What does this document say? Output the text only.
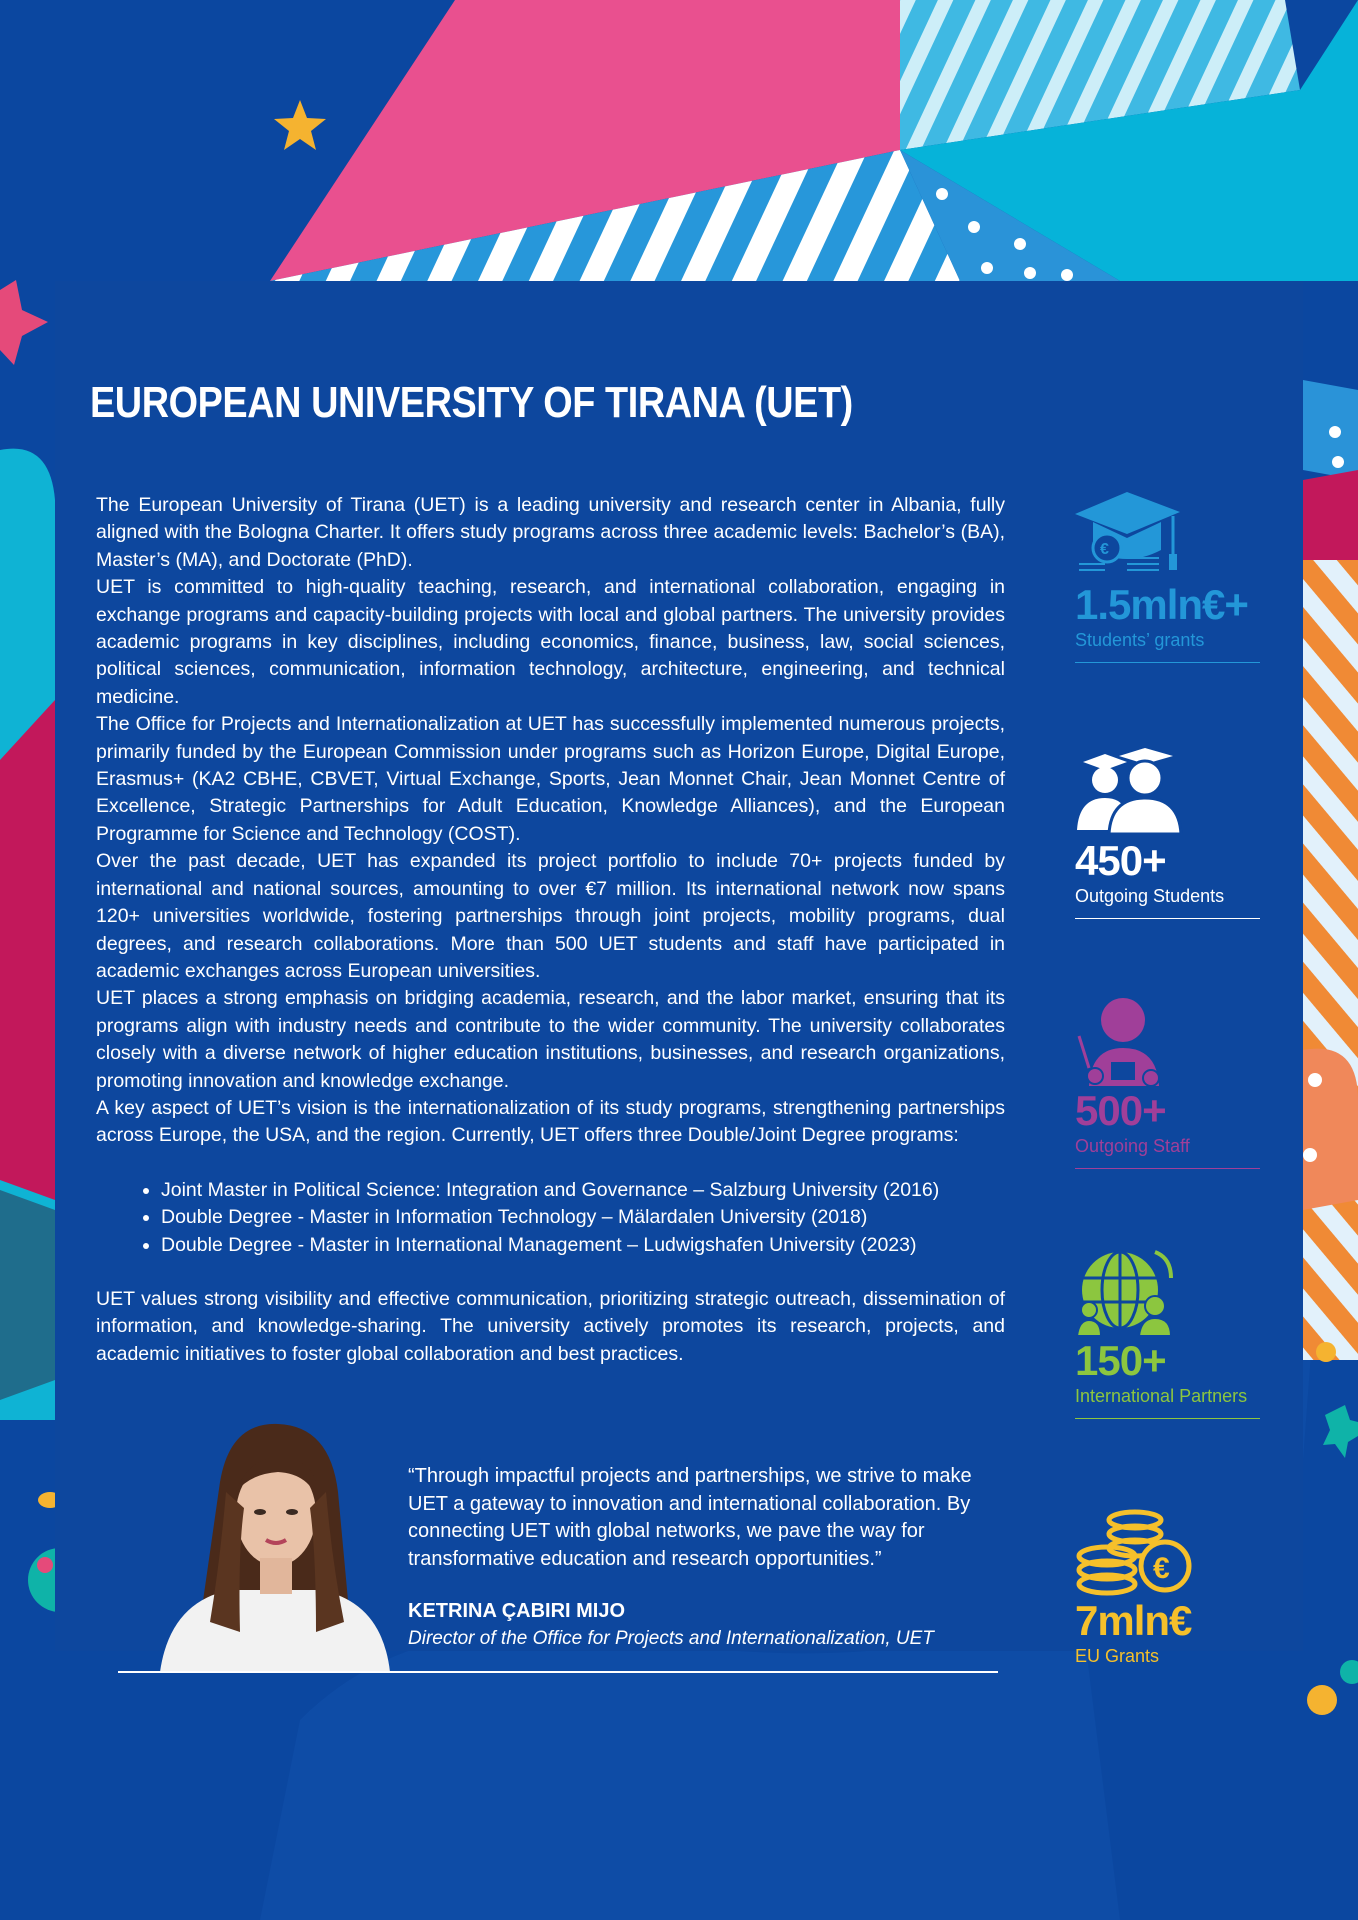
EUROPEAN UNIVERSITY OF TIRANA (UET)

The European University of Tirana (UET) is a leading university and research center in Albania, fully aligned with the Bologna Charter. It offers study programs across three academic levels: Bachelor’s (BA), Master’s (MA), and Doctorate (PhD).

UET is committed to high-quality teaching, research, and international collaboration, engaging in exchange programs and capacity-building projects with local and global partners. The university provides academic programs in key disciplines, including economics, finance, business, law, social sciences, political sciences, communication, information technology, architecture, engineering, and technical medicine.

The Office for Projects and Internationalization at UET has successfully implemented numerous projects, primarily funded by the European Commission under programs such as Horizon Europe, Digital Europe, Erasmus+ (KA2 CBHE, CBVET, Virtual Exchange, Sports, Jean Monnet Chair, Jean Monnet Centre of Excellence, Strategic Partnerships for Adult Education, Knowledge Alliances), and the European Programme for Science and Technology (COST).

Over the past decade, UET has expanded its project portfolio to include 70+ projects funded by international and national sources, amounting to over €7 million. Its international network now spans 120+ universities worldwide, fostering partnerships through joint projects, mobility programs, dual degrees, and research collaborations. More than 500 UET students and staff have participated in academic exchanges across European universities.

UET places a strong emphasis on bridging academia, research, and the labor market, ensuring that its programs align with industry needs and contribute to the wider community. The university collaborates closely with a diverse network of higher education institutions, businesses, and research organizations, promoting innovation and knowledge exchange.

A key aspect of UET’s vision is the internationalization of its study programs, strengthening partnerships across Europe, the USA, and the region. Currently, UET offers three Double/Joint Degree programs:

• Joint Master in Political Science: Integration and Governance – Salzburg University (2016)
• Double Degree - Master in Information Technology – Mälardalen University (2018)
• Double Degree - Master in International Management – Ludwigshafen University (2023)

UET values strong visibility and effective communication, prioritizing strategic outreach, dissemination of information, and knowledge-sharing. The university actively promotes its research, projects, and academic initiatives to foster global collaboration and best practices.

€
1.5mln€+
Students’ grants
450+
Outgoing Students
500+
Outgoing Staff
150+
International Partners
€
7mln€
EU Grants
“Through impactful projects and partnerships, we strive to make UET a gateway to innovation and international collaboration. By connecting UET with global networks, we pave the way for transformative education and research opportunities.”
KETRINA ÇABIRI MIJO
Director of the Office for Projects and Internationalization, UET
